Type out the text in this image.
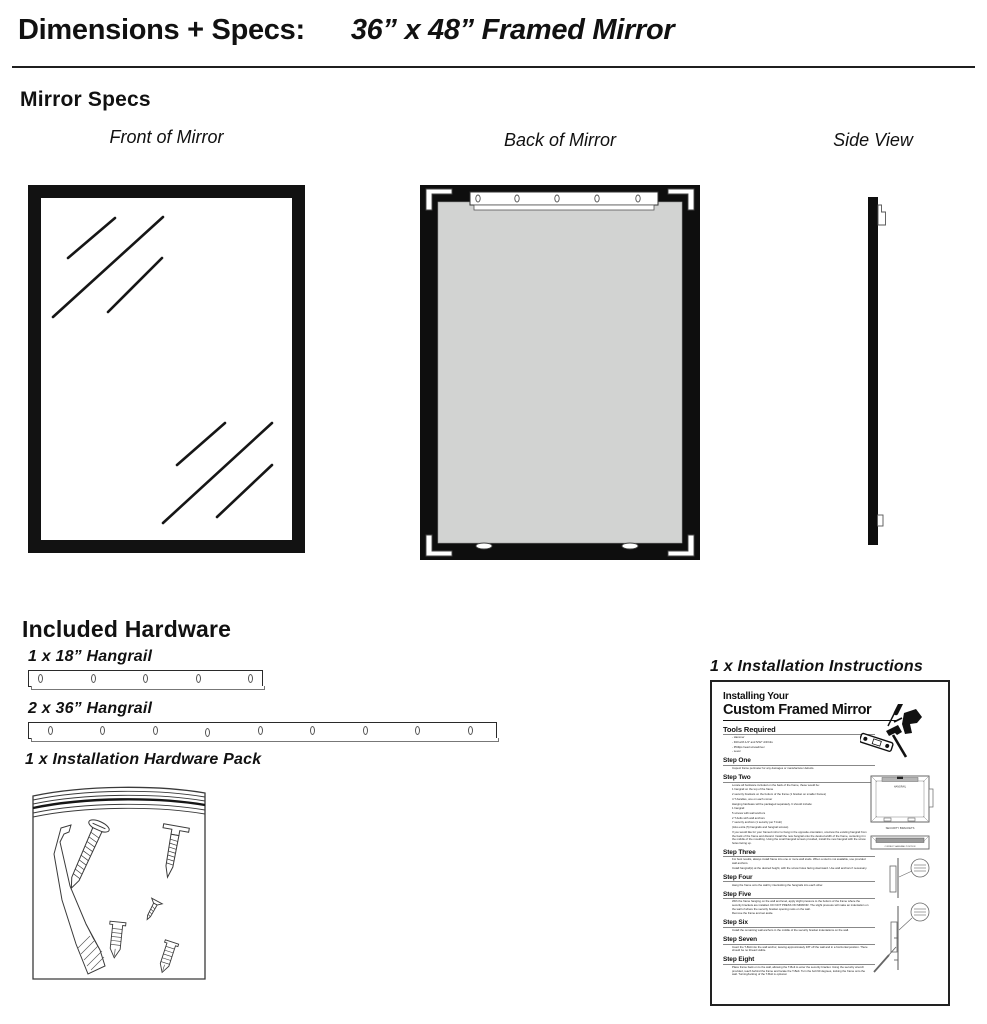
Dimensions + Specs: 36” x 48” Framed Mirror
Mirror Specs
Front of Mirror	Back of Mirror	Side View
Included Hardware
1 x 18” Hangrail
2 x 36” Hangrail
1 x Installation Hardware Pack
1 x Installation Instructions
Installing Your
Custom Framed Mirror
Tools Required
- Hammer
- Drill with 1/4” and 5/32” drill bits
- Phillips head screwdriver
- Level
Step One
Inspect frame perimeter for any damages or manufacturer defects.
Step Two
Locate all hardware included on the back of the frame, these would be:
1 hangrail on the top of the frame
2 security brackets on the bottom of the frame (1 bracket on smaller frames)
4 T-handles, one on each corner
Hanging hardware will be packaged separately. It should include:
1 hangrail
5 screws with wall anchors
2 T-bolts with wall anchors
7 security anchors (1 security per T-bolt)
(Also extra (5) hangrails and hangrail screws)
If you would like for your framed mirror to hang in the opposite orientation, unscrew the existing hangrail from the back of the frame and discard. Install the new hangrail onto the desired width of the frame, centering it in the middle of the moulding. Using the small hangrail screws provided, install the new hangrail with the screw holes facing up.
Step Three
For best results, always install frame into one or more wall studs. When a stud is not available, use provided wall anchors.
Install hangrail(s) at the desired height, with the screw holes facing downward. Use wall anchors if necessary.
Step Four
Hang the frame onto the wall by interlocking the hangrails into each other.
Step Five
With the frame hanging on the wall and level, apply slight pressure to the bottom of the frame where the security brackets are installed. DO NOT PRESS ON MIRROR. The slight pressure will make an indentation on the wall of where the security bracket opening rests on the wall.
Remove the frame and set aside.
Step Six
Install the remaining wall anchors in the middle of the security bracket indentations on the wall.
Step Seven
Insert the T-Bolt into the wall anchor, leaving approximately 3/8” off the wall and in a horizontal position. There should be no thread visible.
Step Eight
Place frame back on to the wall, allowing the T-Bolt to enter the security bracket. Using the security wrench provided, reach behind the frame and locate the T-Bolt. Turn the bolt 90 degrees, locking the frame onto the wall. Turning/locking of the T-Bolt is optional.
HANGRAIL
SECURITY BRACKETS
CORRECT HANGRAIL POSITION
